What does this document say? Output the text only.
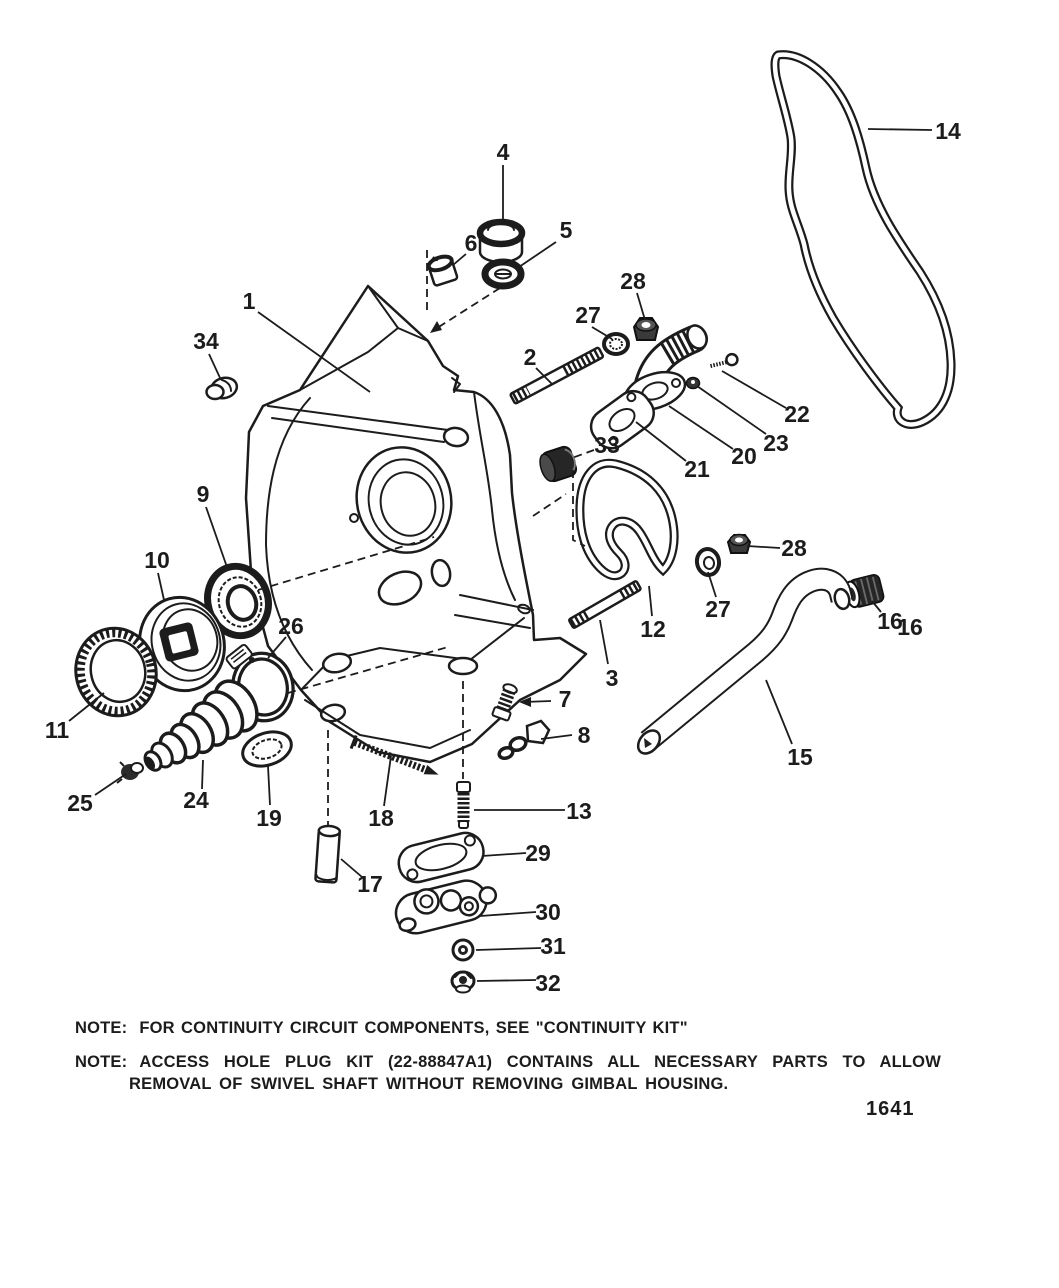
1
2
3
4
5
6
7
8
9
10
11
12
13
14
15
16
16
17
18
19
20
21
22
23
24
25
26
27
28
27
28
29
30
31
32
33
34
NOTE: FOR CONTINUITY CIRCUIT COMPONENTS, SEE "CONTINUITY KIT"
NOTE: ACCESS HOLE PLUG KIT (22-88847A1) CONTAINS ALL NECESSARY PARTS TO ALLOW
REMOVAL OF SWIVEL SHAFT WITHOUT REMOVING GIMBAL HOUSING.
1641
